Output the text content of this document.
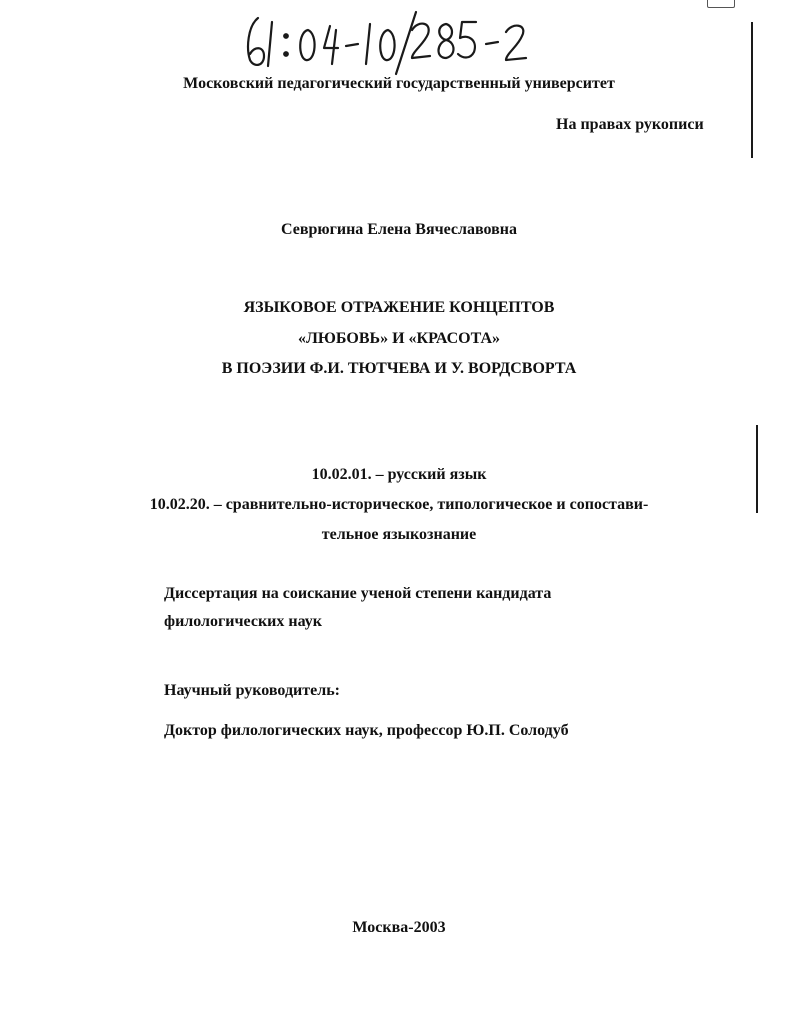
Московский педагогический государственный университет
На правах рукописи
Севрюгина Елена Вячеславовна
ЯЗЫКОВОЕ ОТРАЖЕНИЕ КОНЦЕПТОВ
«ЛЮБОВЬ» И «КРАСОТА»
В ПОЭЗИИ Ф.И. ТЮТЧЕВА И У. ВОРДСВОРТА
10.02.01. – русский язык
10.02.20. – сравнительно-историческое, типологическое и сопостави-
тельное языкознание
Диссертация на соискание ученой степени кандидата
филологических наук
Научный руководитель:
Доктор филологических наук, профессор Ю.П. Солодуб
Москва-2003
